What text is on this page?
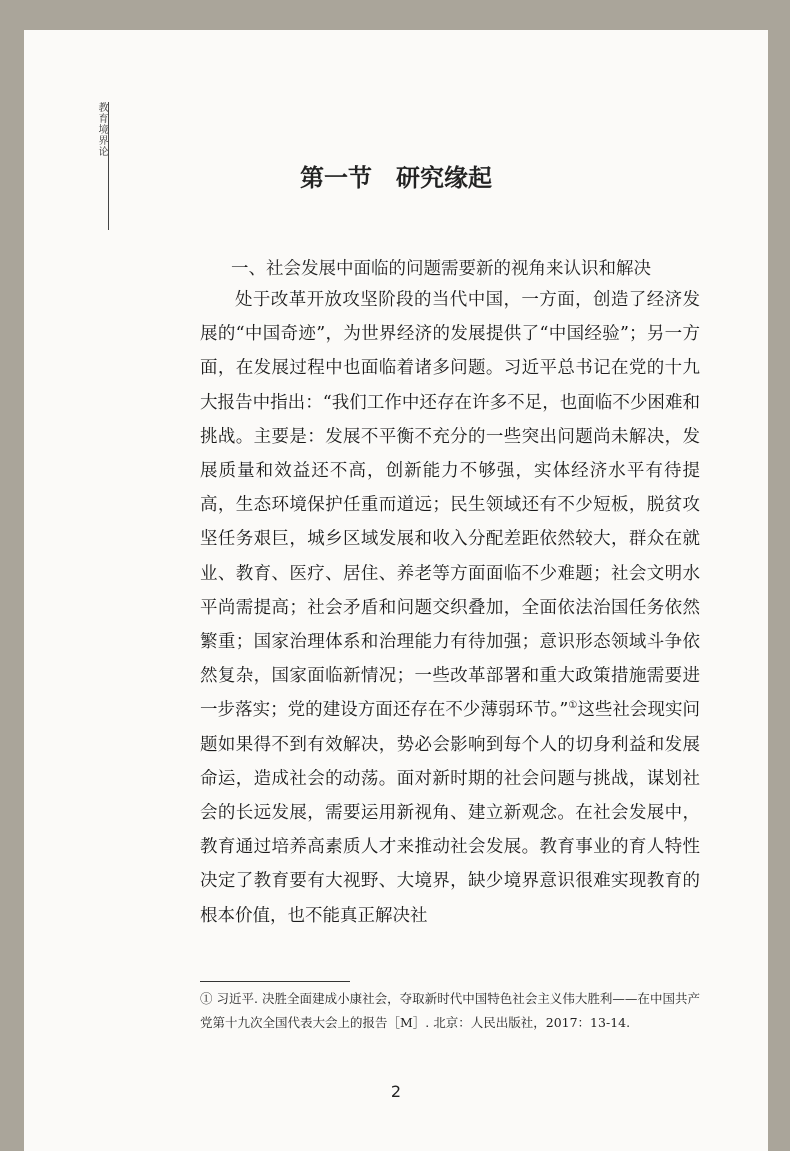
教育境界论
第一节　研究缘起
一、社会发展中面临的问题需要新的视角来认识和解决

处于改革开放攻坚阶段的当代中国，一方面，创造了经济发展的“中国奇迹”，为世界经济的发展提供了“中国经验”；另一方面，在发展过程中也面临着诸多问题。习近平总书记在党的十九大报告中指出：“我们工作中还存在许多不足，也面临不少困难和挑战。主要是：发展不平衡不充分的一些突出问题尚未解决，发展质量和效益还不高，创新能力不够强，实体经济水平有待提高，生态环境保护任重而道远；民生领域还有不少短板，脱贫攻坚任务艰巨，城乡区域发展和收入分配差距依然较大，群众在就业、教育、医疗、居住、养老等方面面临不少难题；社会文明水平尚需提高；社会矛盾和问题交织叠加，全面依法治国任务依然繁重；国家治理体系和治理能力有待加强；意识形态领域斗争依然复杂，国家面临新情况；一些改革部署和重大政策措施需要进一步落实；党的建设方面还存在不少薄弱环节。”①这些社会现实问题如果得不到有效解决，势必会影响到每个人的切身利益和发展命运，造成社会的动荡。面对新时期的社会问题与挑战，谋划社会的长远发展，需要运用新视角、建立新观念。在社会发展中，教育通过培养高素质人才来推动社会发展。教育事业的育人特性决定了教育要有大视野、大境界，缺少境界意识很难实现教育的根本价值，也不能真正解决社

① 习近平. 决胜全面建成小康社会，夺取新时代中国特色社会主义伟大胜利——在中国共产党第十九次全国代表大会上的报告［M］. 北京：人民出版社，2017：13-14.

2
